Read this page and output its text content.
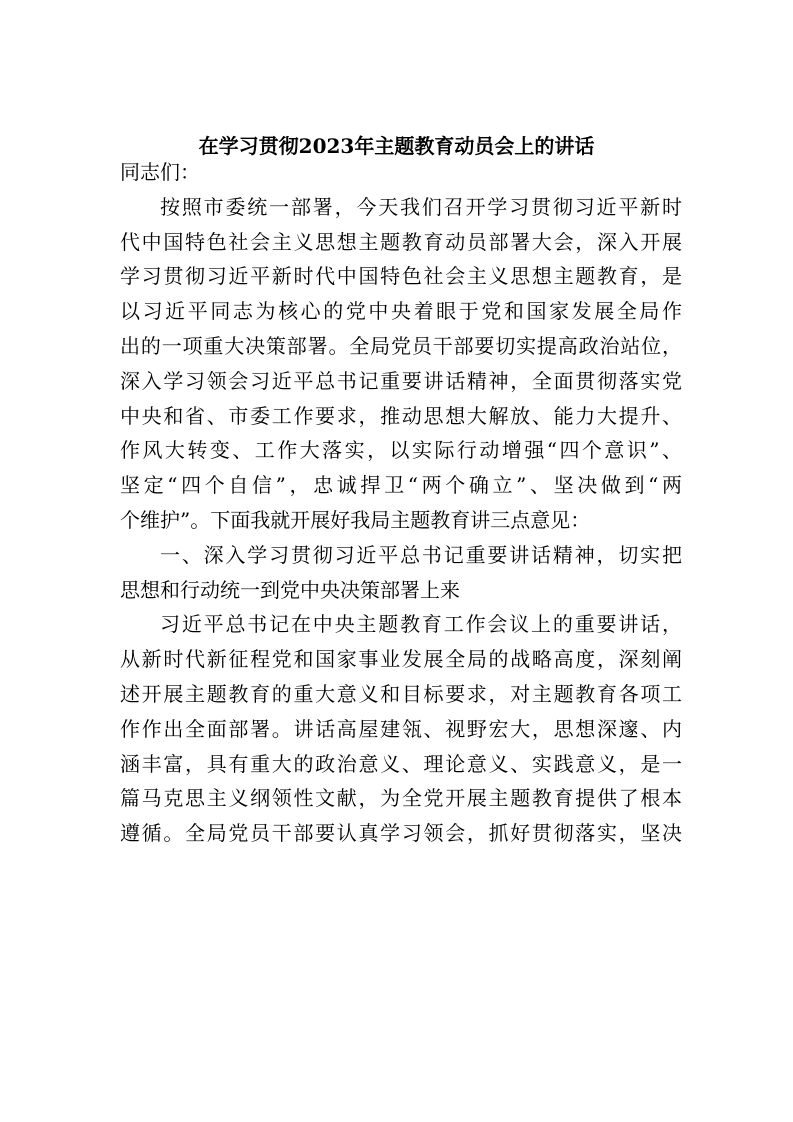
在学习贯彻2023年主题教育动员会上的讲话
同志们：
按照市委统一部署，今天我们召开学习贯彻习近平新时
代中国特色社会主义思想主题教育动员部署大会，深入开展
学习贯彻习近平新时代中国特色社会主义思想主题教育，是
以习近平同志为核心的党中央着眼于党和国家发展全局作
出的一项重大决策部署。全局党员干部要切实提高政治站位，
深入学习领会习近平总书记重要讲话精神，全面贯彻落实党
中央和省、市委工作要求，推动思想大解放、能力大提升、
作风大转变、工作大落实，以实际行动增强“四个意识”、
坚定“四个自信”，忠诚捍卫“两个确立”、坚决做到“两
个维护”。下面我就开展好我局主题教育讲三点意见：
一、深入学习贯彻习近平总书记重要讲话精神，切实把
思想和行动统一到党中央决策部署上来
习近平总书记在中央主题教育工作会议上的重要讲话，
从新时代新征程党和国家事业发展全局的战略高度，深刻阐
述开展主题教育的重大意义和目标要求，对主题教育各项工
作作出全面部署。讲话高屋建瓴、视野宏大，思想深邃、内
涵丰富，具有重大的政治意义、理论意义、实践意义，是一
篇马克思主义纲领性文献，为全党开展主题教育提供了根本
遵循。全局党员干部要认真学习领会，抓好贯彻落实，坚决
